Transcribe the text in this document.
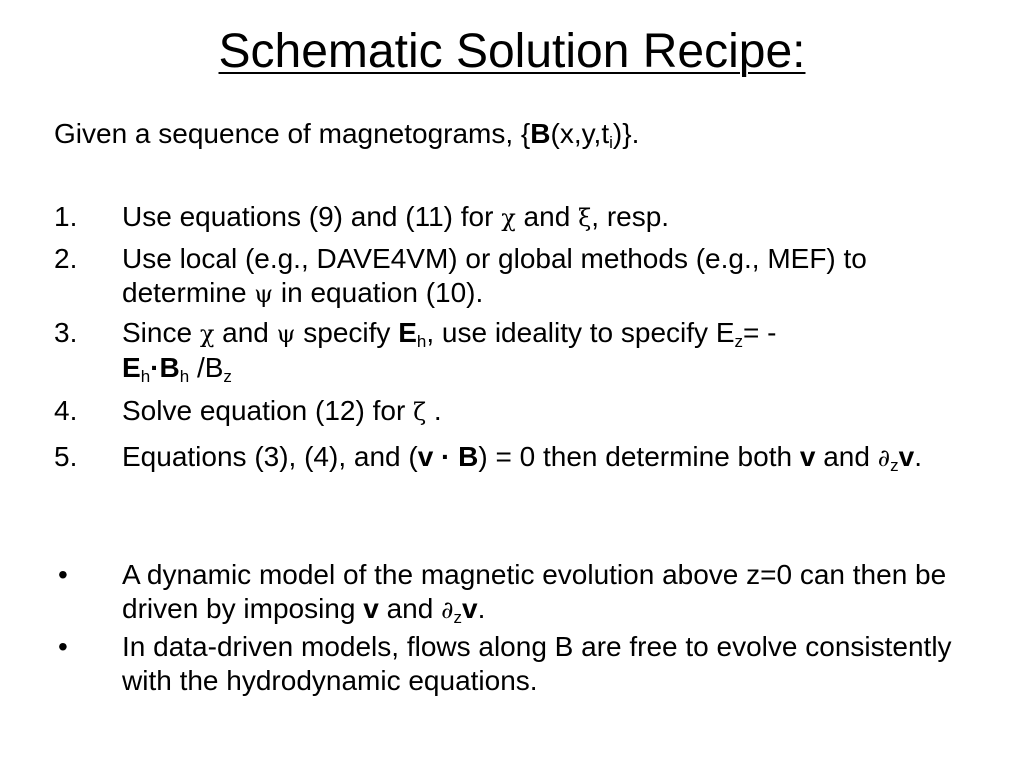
Schematic Solution Recipe:
Given a sequence of magnetograms, $\{B(x,y,t_i)\}$.
1.	Use equations (9) and (11) for χ and ξ, resp.
2.	Use local (e.g., DAVE4VM) or global methods (e.g., MEF) to determine ψ in equation (10).
3.	Since χ and ψ specify $E_h$, use ideality to specify $E_z=$ -
$E_h\cdot B_h$ $/B_z$
4.	Solve equation (12) for ζ .
5.	Equations (3), (4), and (v · B) = 0 then determine both v and $\partial_zv$.
•	A dynamic model of the magnetic evolution above z=0 can then be driven by imposing v and $\partial_zv$.
•	In data-driven models, flows along B are free to evolve consistently with the hydrodynamic equations.
